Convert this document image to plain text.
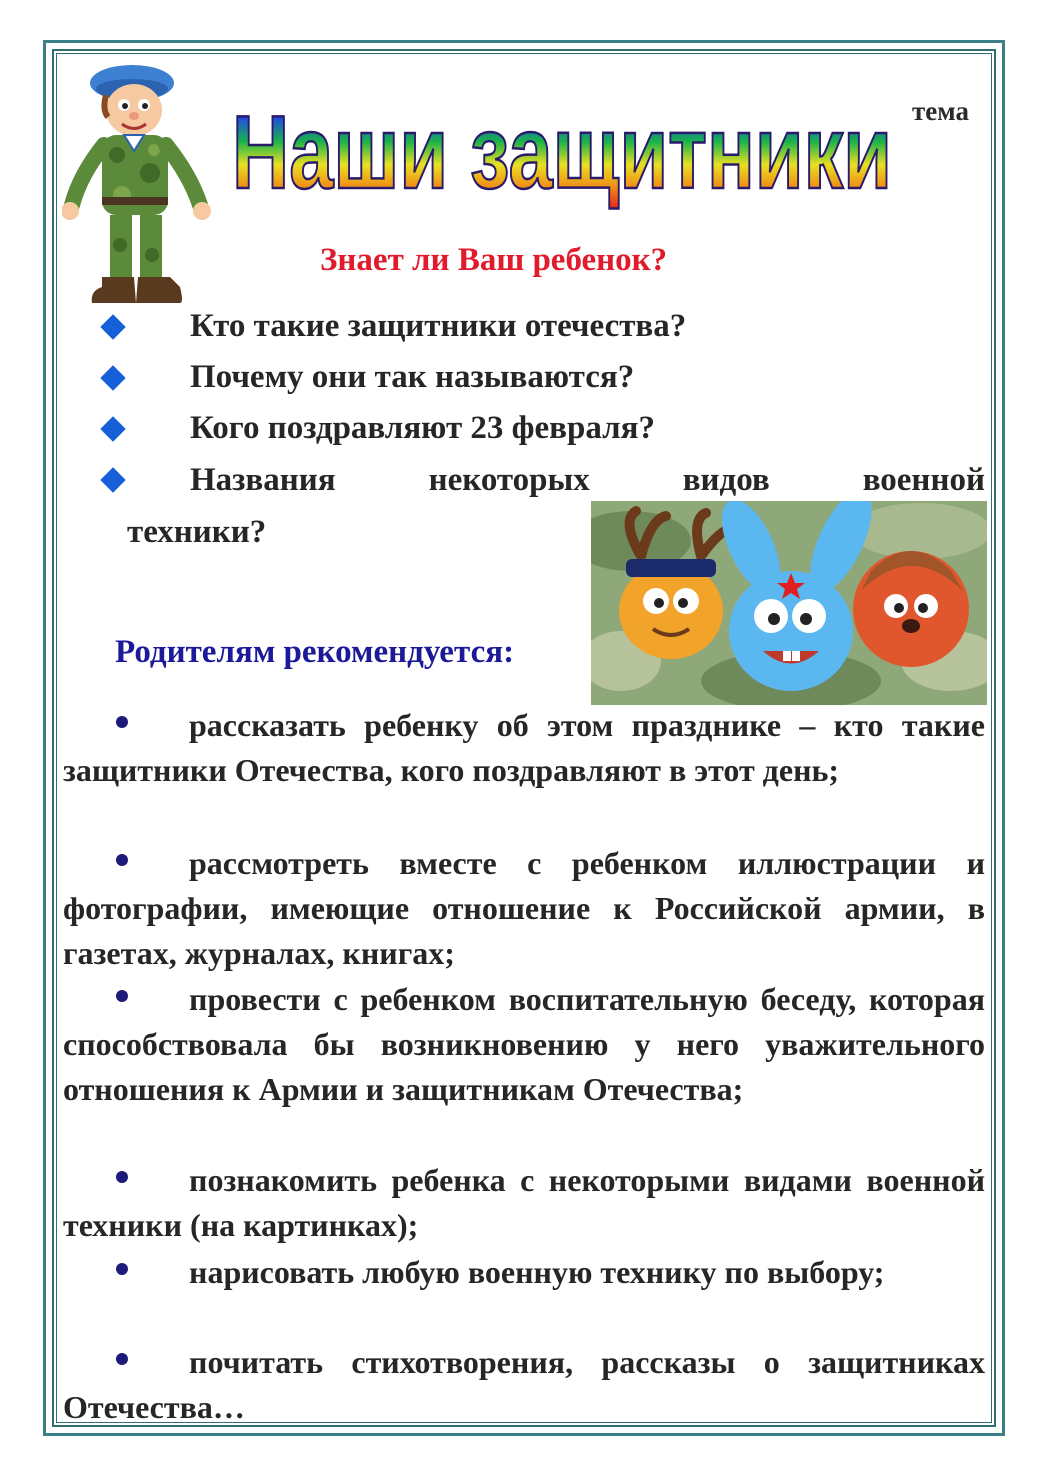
Наши защитники тема
Знает ли Ваш ребенок?
Кто такие защитники отечества?
Почему они так называются?
Кого поздравляют 23 февраля?
Названия	некоторых	видов	военной
техники?
Родителям рекомендуется:
рассказать ребенку об этом празднике – кто такие защитники Отечества, кого поздравляют в этот день;
рассмотреть вместе с ребенком иллюстрации и фотографии, имеющие отношение к Российской армии, в газетах, журналах, книгах;
провести с ребенком воспитательную беседу, которая способствовала бы возникновению у него уважительного отношения к Армии и защитникам Отечества;
познакомить ребенка с некоторыми видами военной техники (на картинках);
нарисовать любую военную технику по выбору;
почитать стихотворения, рассказы о защитниках Отечества…
